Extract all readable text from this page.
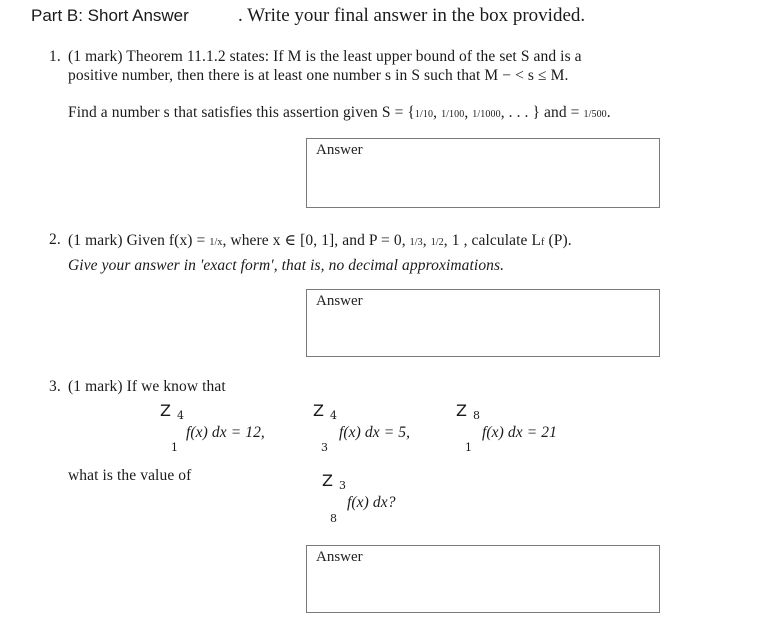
Part B: Short Answer	. Write your final answer in the box provided.
1. (1 mark) Theorem 11.1.2 states: If M is the least upper bound of the set S and is a
positive number, then there is at least one number s in S such that M − < s ≤ M.
Find a number s that satisfies this assertion given S = {1/10, 1/100, 1/1000, . . . } and = 1/500.
Answer
2. (1 mark) Given f(x) = 1/x, where x ∈ [0, 1], and P = 0, 1/3, 1/2, 1 , calculate Lf (P).
Give your answer in 'exact form', that is, no decimal approximations.
Answer
3. (1 mark) If we know that
Z 4
1
f(x) dx = 12,
Z 4
3
f(x) dx = 5,
Z 8
1
f(x) dx = 21
what is the value of	Z 3
8
f(x) dx?
Answer
